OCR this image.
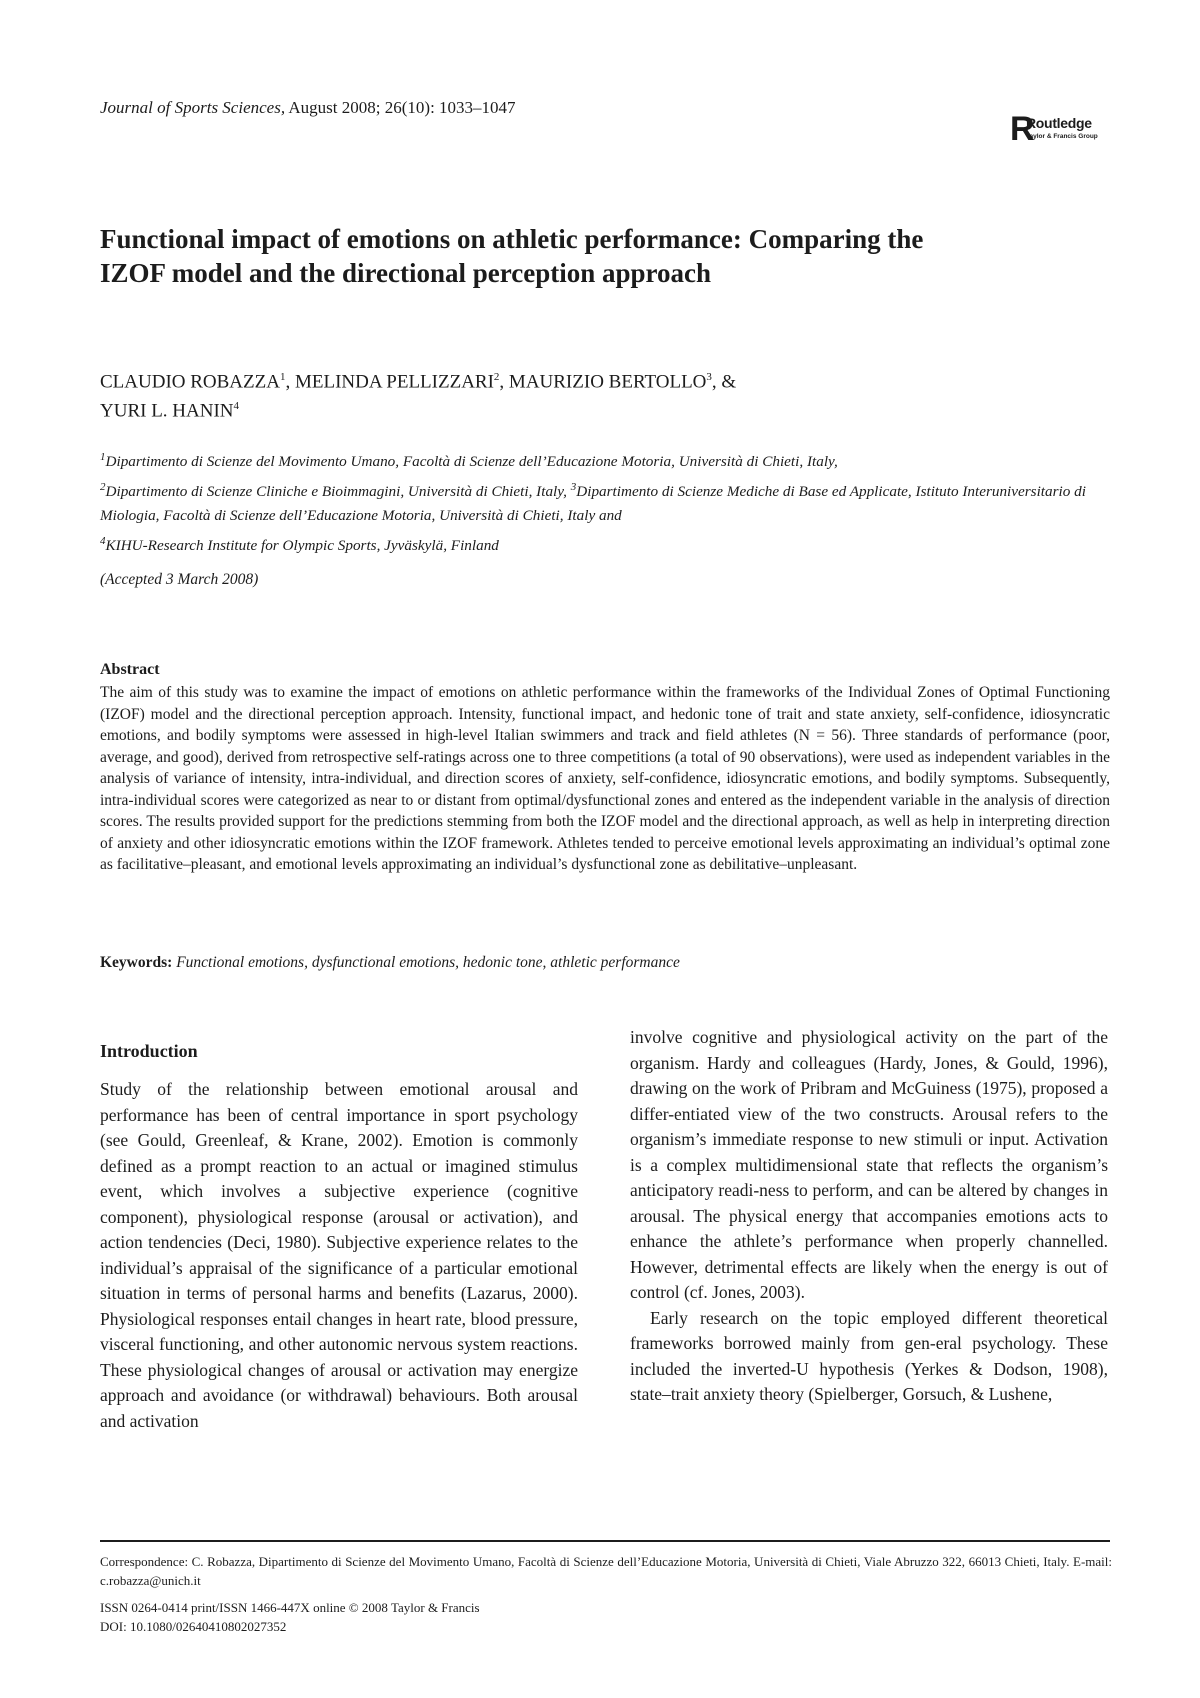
Journal of Sports Sciences, August 2008; 26(10): 1033–1047
R
Routledge
Taylor & Francis Group
Functional impact of emotions on athletic performance: Comparing the
IZOF model and the directional perception approach
CLAUDIO ROBAZZA$^1$, MELINDA PELLIZZARI$^2$, MAURIZIO BERTOLLO$^3$, &
YURI L. HANIN$^4$
$^1$Dipartimento di Scienze del Movimento Umano, Facoltà di Scienze dell’Educazione Motoria, Università di Chieti, Italy,
$^2$Dipartimento di Scienze Cliniche e Bioimmagini, Università di Chieti, Italy, $^3$Dipartimento di Scienze Mediche di Base ed Applicate, Istituto Interuniversitario di Miologia, Facoltà di Scienze dell’Educazione Motoria, Università di Chieti, Italy and
$^4$KIHU-Research Institute for Olympic Sports, Jyväskylä, Finland
(Accepted 3 March 2008)
Abstract
The aim of this study was to examine the impact of emotions on athletic performance within the frameworks of the Individual Zones of Optimal Functioning (IZOF) model and the directional perception approach. Intensity, functional impact, and hedonic tone of trait and state anxiety, self-confidence, idiosyncratic emotions, and bodily symptoms were assessed in high-level Italian swimmers and track and field athletes (N = 56). Three standards of performance (poor, average, and good), derived from retrospective self-ratings across one to three competitions (a total of 90 observations), were used as independent variables in the analysis of variance of intensity, intra-individual, and direction scores of anxiety, self-confidence, idiosyncratic emotions, and bodily symptoms. Subsequently, intra-individual scores were categorized as near to or distant from optimal/dysfunctional zones and entered as the independent variable in the analysis of direction scores. The results provided support for the predictions stemming from both the IZOF model and the directional approach, as well as help in interpreting direction of anxiety and other idiosyncratic emotions within the IZOF framework. Athletes tended to perceive emotional levels approximating an individual’s optimal zone as facilitative–pleasant, and emotional levels approximating an individual’s dysfunctional zone as debilitative–unpleasant.
Keywords: Functional emotions, dysfunctional emotions, hedonic tone, athletic performance
Introduction

Study of the relationship between emotional arousal and performance has been of central importance in sport psychology (see Gould, Greenleaf, & Krane, 2002). Emotion is commonly defined as a prompt reaction to an actual or imagined stimulus event, which involves a subjective experience (cognitive component), physiological response (arousal or activation), and action tendencies (Deci, 1980). Subjective experience relates to the individual’s appraisal of the significance of a particular emotional situation in terms of personal harms and benefits (Lazarus, 2000). Physiological responses entail changes in heart rate, blood pressure, visceral functioning, and other autonomic nervous system reactions. These physiological changes of arousal or activation may energize approach and avoidance (or withdrawal) behaviours. Both arousal and activation

involve cognitive and physiological activity on the part of the organism. Hardy and colleagues (Hardy, Jones, & Gould, 1996), drawing on the work of Pribram and McGuiness (1975), proposed a differ-entiated view of the two constructs. Arousal refers to the organism’s immediate response to new stimuli or input. Activation is a complex multidimensional state that reflects the organism’s anticipatory readi-ness to perform, and can be altered by changes in arousal. The physical energy that accompanies emotions acts to enhance the athlete’s performance when properly channelled. However, detrimental effects are likely when the energy is out of control (cf. Jones, 2003).

Early research on the topic employed different theoretical frameworks borrowed mainly from gen-eral psychology. These included the inverted-U hypothesis (Yerkes & Dodson, 1908), state–trait anxiety theory (Spielberger, Gorsuch, & Lushene,

Correspondence: C. Robazza, Dipartimento di Scienze del Movimento Umano, Facoltà di Scienze dell’Educazione Motoria, Università di Chieti, Viale Abruzzo 322, 66013 Chieti, Italy. E-mail: c.robazza@unich.it
ISSN 0264-0414 print/ISSN 1466-447X online © 2008 Taylor & Francis
DOI: 10.1080/02640410802027352
